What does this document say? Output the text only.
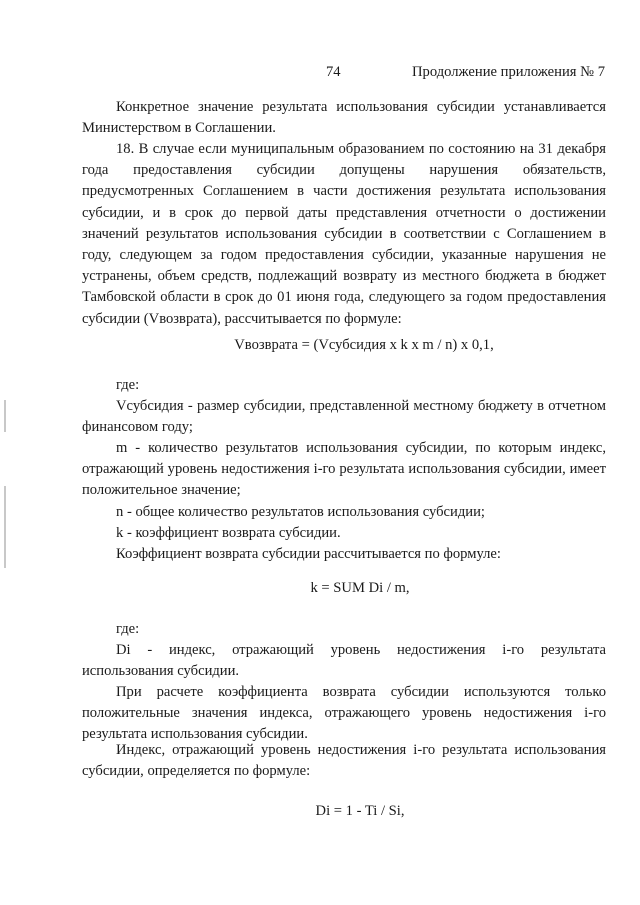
74	Продолжение приложения № 7
Конкретное значение результата использования субсидии устанавливается Министерством в Соглашении.
18. В случае если муниципальным образованием по состоянию на 31 декабря года предоставления субсидии допущены нарушения обязательств, предусмотренных Соглашением в части достижения результата использования субсидии, и в срок до первой даты представления отчетности о достижении значений результатов использования субсидии в соответствии с Соглашением в году, следующем за годом предоставления субсидии, указанные нарушения не устранены, объем средств, подлежащий возврату из местного бюджета в бюджет Тамбовской области в срок до 01 июня года, следующего за годом предоставления субсидии (Vвозврата), рассчитывается по формуле:
Vвозврата = (Vсубсидия x k x m / n) x 0,1,
где:
Vсубсидия - размер субсидии, представленной местному бюджету в отчетном финансовом году;
m - количество результатов использования субсидии, по которым индекс, отражающий уровень недостижения i-го результата использования субсидии, имеет положительное значение;
n - общее количество результатов использования субсидии;
k - коэффициент возврата субсидии.
Коэффициент возврата субсидии рассчитывается по формуле:
k = SUM Di / m,
где:
Di - индекс, отражающий уровень недостижения i-го результата использования субсидии.
При расчете коэффициента возврата субсидии используются только положительные значения индекса, отражающего уровень недостижения i-го результата использования субсидии.
Индекс, отражающий уровень недостижения i-го результата использования субсидии, определяется по формуле:
Di = 1 - Ti / Si,
